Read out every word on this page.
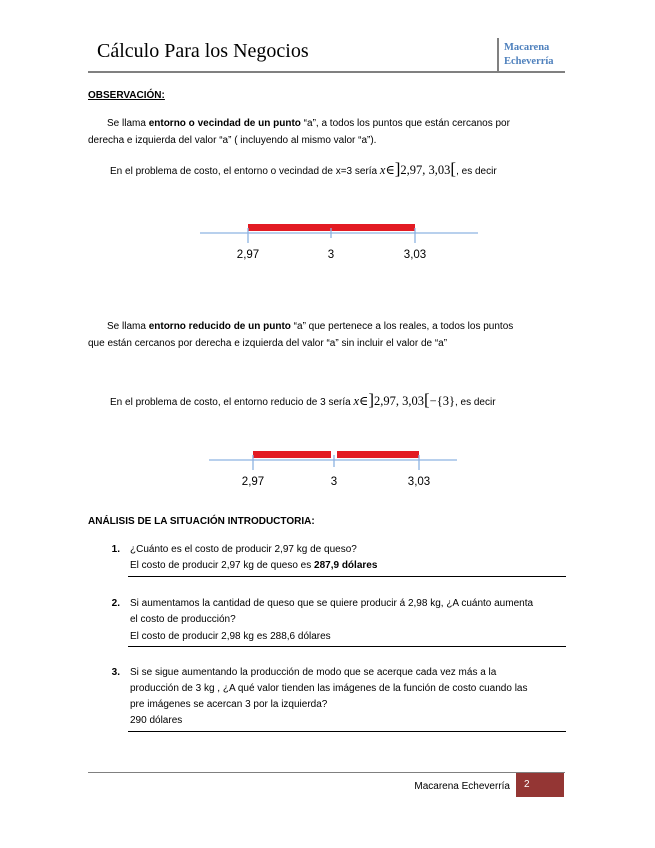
Cálculo Para los Negocios	Macarena
Echeverría
OBSERVACIÓN:
Se llama entorno o vecindad de un punto “a”, a todos los puntos que están cercanos por
derecha e izquierda del valor “a” ( incluyendo al mismo valor “a”).
En el problema de costo, el entorno o vecindad de x=3 sería x∈]2,97, 3,03[, es decir
2,97	3	3,03
Se llama entorno reducido de un punto “a” que pertenece a los reales, a todos los puntos
que están cercanos por derecha e izquierda del valor “a” sin incluir el valor de “a”
En el problema de costo, el entorno reducio de 3 sería x∈]2,97, 3,03[−{3}, es decir
2,97	3	3,03
ANÁLISIS DE LA SITUACIÓN INTRODUCTORIA:
1. ¿Cuánto es el costo de producir 2,97 kg de queso?
El costo de producir 2,97 kg de queso es 287,9 dólares
2. Si aumentamos la cantidad de queso que se quiere producir á 2,98 kg, ¿A cuánto aumenta
el costo de producción?
El costo de producir 2,98 kg es 288,6 dólares
3. Si se sigue aumentando la producción de modo que se acerque cada vez más a la
producción de 3 kg , ¿A qué valor tienden las imágenes de la función de costo cuando las
pre imágenes se acercan 3 por la izquierda?
290 dólares
Macarena Echeverría	2
